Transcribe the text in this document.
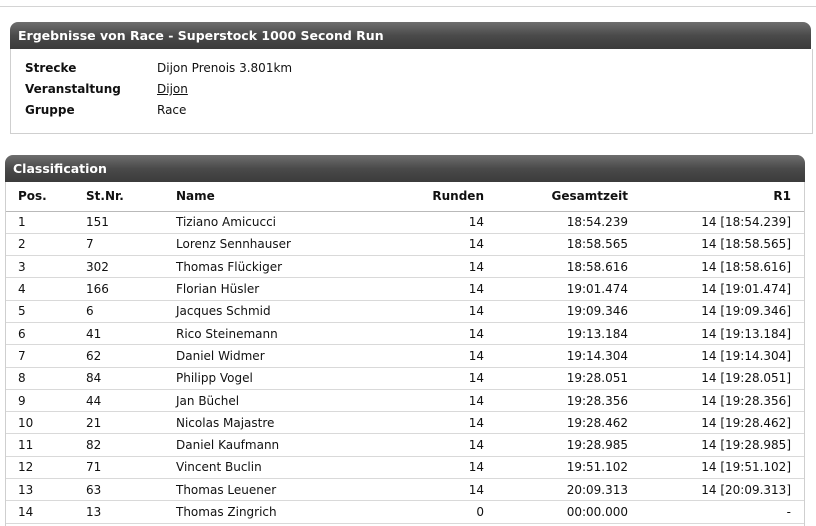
Ergebnisse von Race - Superstock 1000 Second Run
Strecke	Dijon Prenois 3.801km
Veranstaltung	Dijon
Gruppe	Race
Classification
Pos.	St.Nr.	Name	Runden	Gesamtzeit	R1
1	151	Tiziano Amicucci	14	18:54.239	14 [18:54.239]
2	7	Lorenz Sennhauser	14	18:58.565	14 [18:58.565]
3	302	Thomas Flückiger	14	18:58.616	14 [18:58.616]
4	166	Florian Hüsler	14	19:01.474	14 [19:01.474]
5	6	Jacques Schmid	14	19:09.346	14 [19:09.346]
6	41	Rico Steinemann	14	19:13.184	14 [19:13.184]
7	62	Daniel Widmer	14	19:14.304	14 [19:14.304]
8	84	Philipp Vogel	14	19:28.051	14 [19:28.051]
9	44	Jan Büchel	14	19:28.356	14 [19:28.356]
10	21	Nicolas Majastre	14	19:28.462	14 [19:28.462]
11	82	Daniel Kaufmann	14	19:28.985	14 [19:28.985]
12	71	Vincent Buclin	14	19:51.102	14 [19:51.102]
13	63	Thomas Leuener	14	20:09.313	14 [20:09.313]
14	13	Thomas Zingrich	0	00:00.000	-
